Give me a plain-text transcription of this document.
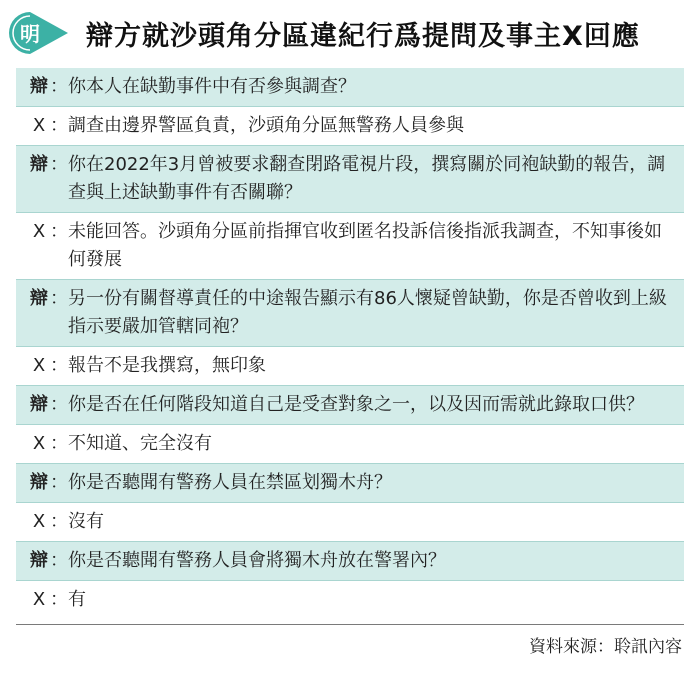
明 辯方就沙頭角分區違紀行爲提問及事主X回應
辯 ： 你本人在缺勤事件中有否參與調查？
X ： 調查由邊界警區負責，沙頭角分區無警務人員參與
辯 ： 你在2022年3月曾被要求翻查閉路電視片段，撰寫關於同袍缺勤的報告，調查與上述缺勤事件有否關聯？
X ： 未能回答。沙頭角分區前指揮官收到匿名投訴信後指派我調查，不知事後如何發展
辯 ： 另一份有關督導責任的中途報告顯示有86人懷疑曾缺勤，你是否曾收到上級指示要嚴加管轄同袍？
X ： 報告不是我撰寫，無印象
辯 ： 你是否在任何階段知道自己是受查對象之一，以及因而需就此錄取口供？
X ： 不知道、完全沒有
辯 ： 你是否聽聞有警務人員在禁區划獨木舟？
X ： 沒有
辯 ： 你是否聽聞有警務人員會將獨木舟放在警署內？
X ： 有
資料來源：聆訊內容
